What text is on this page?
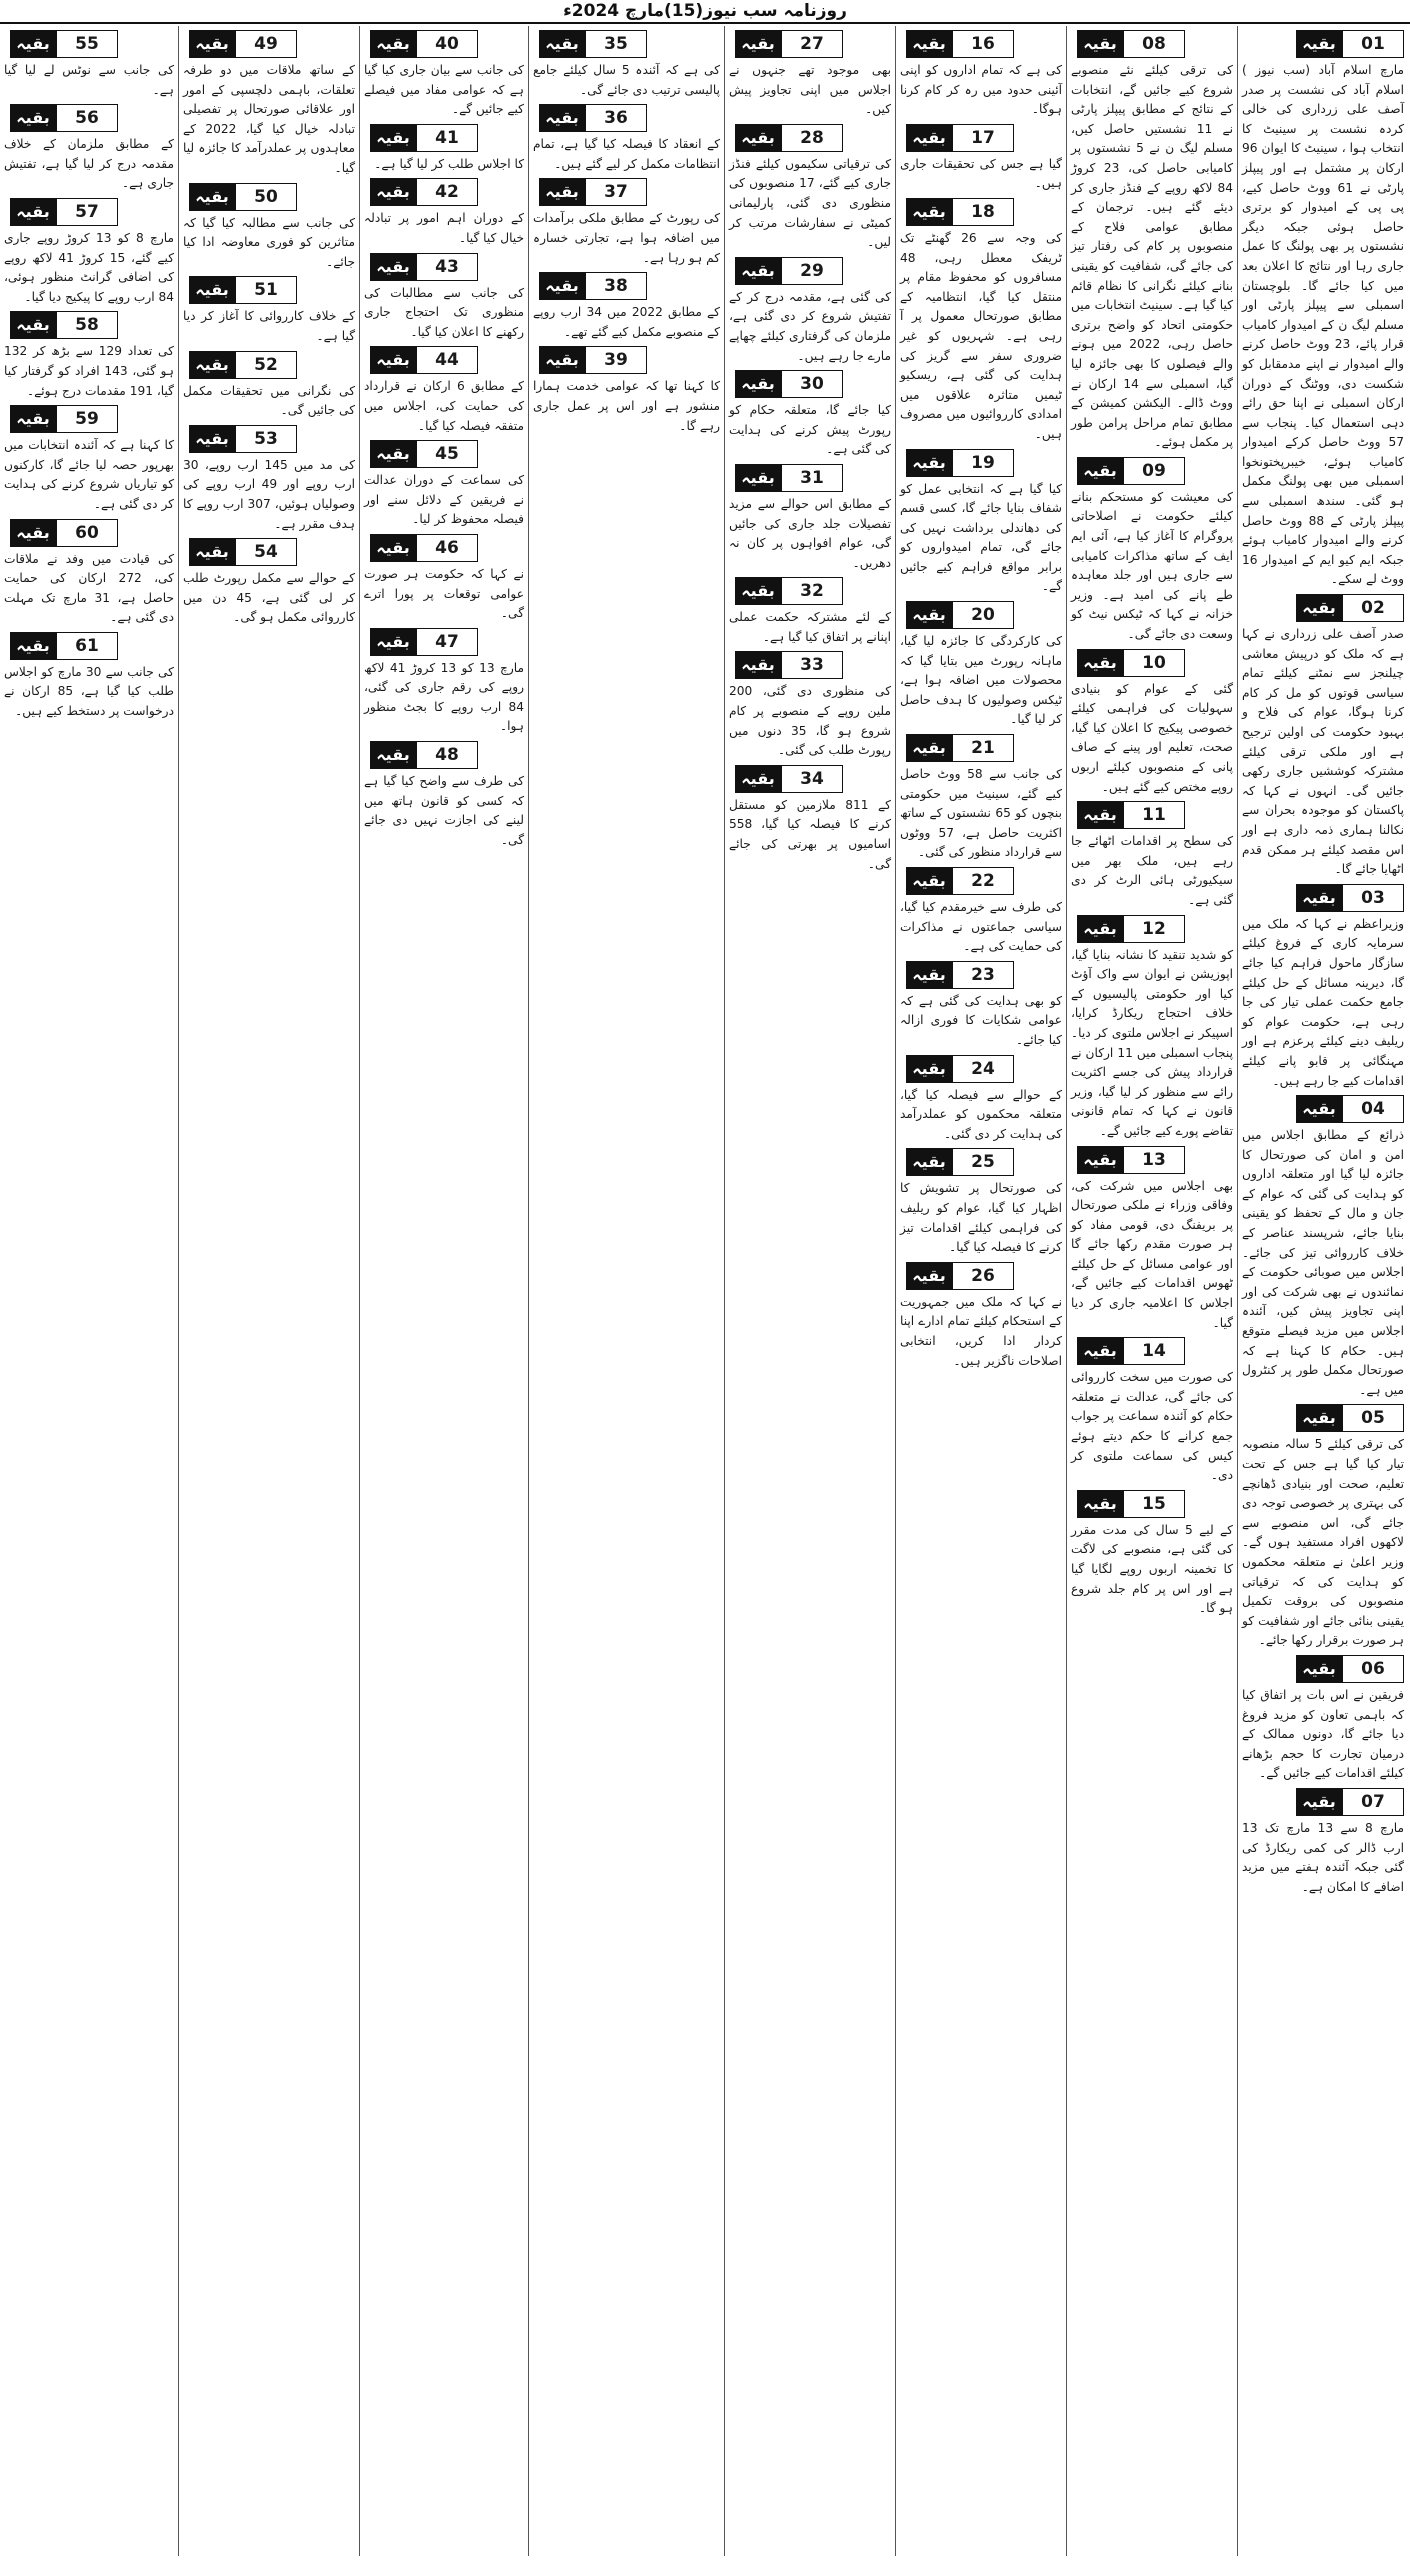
روزنامہ سب نیوز(15)مارچ 2024ء
بقیہ	01
مارچ اسلام آباد (سب نیوز ) اسلام آباد کی نشست پر صدر آصف علی زرداری کی خالی کردہ نشست پر سینیٹ کا انتخاب ہوا ، سینیٹ کا ایوان 96 ارکان پر مشتمل ہے اور پیپلز پارٹی نے 61 ووٹ حاصل کیے، پی پی کے امیدوار کو برتری حاصل ہوئی جبکہ دیگر نشستوں پر بھی پولنگ کا عمل جاری رہا اور نتائج کا اعلان بعد میں کیا جائے گا۔ بلوچستان اسمبلی سے پیپلز پارٹی اور مسلم لیگ ن کے امیدوار کامیاب قرار پائے، 23 ووٹ حاصل کرنے والے امیدوار نے اپنے مدمقابل کو شکست دی، ووٹنگ کے دوران ارکان اسمبلی نے اپنا حق رائے دہی استعمال کیا۔ پنجاب سے 57 ووٹ حاصل کرکے امیدوار کامیاب ہوئے، خیبرپختونخوا اسمبلی میں بھی پولنگ مکمل ہو گئی۔ سندھ اسمبلی سے پیپلز پارٹی کے 88 ووٹ حاصل کرنے والے امیدوار کامیاب ہوئے جبکہ ایم کیو ایم کے امیدوار 16 ووٹ لے سکے۔
بقیہ	02
صدر آصف علی زرداری نے کہا ہے کہ ملک کو درپیش معاشی چیلنجز سے نمٹنے کیلئے تمام سیاسی قوتوں کو مل کر کام کرنا ہوگا، عوام کی فلاح و بہبود حکومت کی اولین ترجیح ہے اور ملکی ترقی کیلئے مشترکہ کوششیں جاری رکھی جائیں گی۔ انہوں نے کہا کہ پاکستان کو موجودہ بحران سے نکالنا ہماری ذمہ داری ہے اور اس مقصد کیلئے ہر ممکن قدم اٹھایا جائے گا۔
بقیہ	03
وزیراعظم نے کہا کہ ملک میں سرمایہ کاری کے فروغ کیلئے سازگار ماحول فراہم کیا جائے گا، دیرینہ مسائل کے حل کیلئے جامع حکمت عملی تیار کی جا رہی ہے، حکومت عوام کو ریلیف دینے کیلئے پرعزم ہے اور مہنگائی پر قابو پانے کیلئے اقدامات کیے جا رہے ہیں۔
بقیہ	04
ذرائع کے مطابق اجلاس میں امن و امان کی صورتحال کا جائزہ لیا گیا اور متعلقہ اداروں کو ہدایت کی گئی کہ عوام کے جان و مال کے تحفظ کو یقینی بنایا جائے، شرپسند عناصر کے خلاف کارروائی تیز کی جائے۔ اجلاس میں صوبائی حکومت کے نمائندوں نے بھی شرکت کی اور اپنی تجاویز پیش کیں، آئندہ اجلاس میں مزید فیصلے متوقع ہیں۔ حکام کا کہنا ہے کہ صورتحال مکمل طور پر کنٹرول میں ہے۔
بقیہ	05
کی ترقی کیلئے 5 سالہ منصوبہ تیار کیا گیا ہے جس کے تحت تعلیم، صحت اور بنیادی ڈھانچے کی بہتری پر خصوصی توجہ دی جائے گی، اس منصوبے سے لاکھوں افراد مستفید ہوں گے۔ وزیر اعلیٰ نے متعلقہ محکموں کو ہدایت کی کہ ترقیاتی منصوبوں کی بروقت تکمیل یقینی بنائی جائے اور شفافیت کو ہر صورت برقرار رکھا جائے۔
بقیہ	06
فریقین نے اس بات پر اتفاق کیا کہ باہمی تعاون کو مزید فروغ دیا جائے گا، دونوں ممالک کے درمیان تجارت کا حجم بڑھانے کیلئے اقدامات کیے جائیں گے۔
بقیہ	07
مارچ 8 سے 13 مارچ تک 13 ارب ڈالر کی کمی ریکارڈ کی گئی جبکہ آئندہ ہفتے میں مزید اضافے کا امکان ہے۔
بقیہ	08
کی ترقی کیلئے نئے منصوبے شروع کیے جائیں گے، انتخابات کے نتائج کے مطابق پیپلز پارٹی نے 11 نشستیں حاصل کیں، مسلم لیگ ن نے 5 نشستوں پر کامیابی حاصل کی، 23 کروڑ 84 لاکھ روپے کے فنڈز جاری کر دیئے گئے ہیں۔ ترجمان کے مطابق عوامی فلاح کے منصوبوں پر کام کی رفتار تیز کی جائے گی، شفافیت کو یقینی بنانے کیلئے نگرانی کا نظام قائم کیا گیا ہے۔ سینیٹ انتخابات میں حکومتی اتحاد کو واضح برتری حاصل رہی، 2022 میں ہونے والے فیصلوں کا بھی جائزہ لیا گیا، اسمبلی سے 14 ارکان نے ووٹ ڈالے۔ الیکشن کمیشن کے مطابق تمام مراحل پرامن طور پر مکمل ہوئے۔
بقیہ	09
کی معیشت کو مستحکم بنانے کیلئے حکومت نے اصلاحاتی پروگرام کا آغاز کیا ہے، آئی ایم ایف کے ساتھ مذاکرات کامیابی سے جاری ہیں اور جلد معاہدہ طے پانے کی امید ہے۔ وزیر خزانہ نے کہا کہ ٹیکس نیٹ کو وسعت دی جائے گی۔
بقیہ	10
گئی کے عوام کو بنیادی سہولیات کی فراہمی کیلئے خصوصی پیکیج کا اعلان کیا گیا، صحت، تعلیم اور پینے کے صاف پانی کے منصوبوں کیلئے اربوں روپے مختص کیے گئے ہیں۔
بقیہ	11
کی سطح پر اقدامات اٹھائے جا رہے ہیں، ملک بھر میں سیکیورٹی ہائی الرٹ کر دی گئی ہے۔
بقیہ	12
کو شدید تنقید کا نشانہ بنایا گیا، اپوزیشن نے ایوان سے واک آؤٹ کیا اور حکومتی پالیسیوں کے خلاف احتجاج ریکارڈ کرایا، اسپیکر نے اجلاس ملتوی کر دیا۔ پنجاب اسمبلی میں 11 ارکان نے قرارداد پیش کی جسے اکثریت رائے سے منظور کر لیا گیا، وزیر قانون نے کہا کہ تمام قانونی تقاضے پورے کیے جائیں گے۔
بقیہ	13
بھی اجلاس میں شرکت کی، وفاقی وزراء نے ملکی صورتحال پر بریفنگ دی، قومی مفاد کو ہر صورت مقدم رکھا جائے گا اور عوامی مسائل کے حل کیلئے ٹھوس اقدامات کیے جائیں گے، اجلاس کا اعلامیہ جاری کر دیا گیا۔
بقیہ	14
کی صورت میں سخت کارروائی کی جائے گی، عدالت نے متعلقہ حکام کو آئندہ سماعت پر جواب جمع کرانے کا حکم دیتے ہوئے کیس کی سماعت ملتوی کر دی۔
بقیہ	15
کے لیے 5 سال کی مدت مقرر کی گئی ہے، منصوبے کی لاگت کا تخمینہ اربوں روپے لگایا گیا ہے اور اس پر کام جلد شروع ہو گا۔
بقیہ	16
کی ہے کہ تمام اداروں کو اپنی آئینی حدود میں رہ کر کام کرنا ہوگا۔
بقیہ	17
گیا ہے جس کی تحقیقات جاری ہیں۔
بقیہ	18
کی وجہ سے 26 گھنٹے تک ٹریفک معطل رہی، 48 مسافروں کو محفوظ مقام پر منتقل کیا گیا، انتظامیہ کے مطابق صورتحال معمول پر آ رہی ہے۔ شہریوں کو غیر ضروری سفر سے گریز کی ہدایت کی گئی ہے، ریسکیو ٹیمیں متاثرہ علاقوں میں امدادی کارروائیوں میں مصروف ہیں۔
بقیہ	19
کیا گیا ہے کہ انتخابی عمل کو شفاف بنایا جائے گا، کسی قسم کی دھاندلی برداشت نہیں کی جائے گی، تمام امیدواروں کو برابر مواقع فراہم کیے جائیں گے۔
بقیہ	20
کی کارکردگی کا جائزہ لیا گیا، ماہانہ رپورٹ میں بتایا گیا کہ محصولات میں اضافہ ہوا ہے، ٹیکس وصولیوں کا ہدف حاصل کر لیا گیا۔
بقیہ	21
کی جانب سے 58 ووٹ حاصل کیے گئے، سینیٹ میں حکومتی بنچوں کو 65 نشستوں کے ساتھ اکثریت حاصل ہے، 57 ووٹوں سے قرارداد منظور کی گئی۔
بقیہ	22
کی طرف سے خیرمقدم کیا گیا، سیاسی جماعتوں نے مذاکرات کی حمایت کی ہے۔
بقیہ	23
کو بھی ہدایت کی گئی ہے کہ عوامی شکایات کا فوری ازالہ کیا جائے۔
بقیہ	24
کے حوالے سے فیصلہ کیا گیا، متعلقہ محکموں کو عملدرآمد کی ہدایت کر دی گئی۔
بقیہ	25
کی صورتحال پر تشویش کا اظہار کیا گیا، عوام کو ریلیف کی فراہمی کیلئے اقدامات تیز کرنے کا فیصلہ کیا گیا۔
بقیہ	26
نے کہا کہ ملک میں جمہوریت کے استحکام کیلئے تمام ادارے اپنا کردار ادا کریں، انتخابی اصلاحات ناگزیر ہیں۔
بقیہ	27
بھی موجود تھے جنہوں نے اجلاس میں اپنی تجاویز پیش کیں۔
بقیہ	28
کی ترقیاتی سکیموں کیلئے فنڈز جاری کیے گئے، 17 منصوبوں کی منظوری دی گئی، پارلیمانی کمیٹی نے سفارشات مرتب کر لیں۔
بقیہ	29
کی گئی ہے، مقدمہ درج کر کے تفتیش شروع کر دی گئی ہے، ملزمان کی گرفتاری کیلئے چھاپے مارے جا رہے ہیں۔
بقیہ	30
کیا جائے گا، متعلقہ حکام کو رپورٹ پیش کرنے کی ہدایت کی گئی ہے۔
بقیہ	31
کے مطابق اس حوالے سے مزید تفصیلات جلد جاری کی جائیں گی، عوام افواہوں پر کان نہ دھریں۔
بقیہ	32
کے لئے مشترکہ حکمت عملی اپنانے پر اتفاق کیا گیا ہے۔
بقیہ	33
کی منظوری دی گئی، 200 ملین روپے کے منصوبے پر کام شروع ہو گا، 35 دنوں میں رپورٹ طلب کی گئی۔
بقیہ	34
کے 811 ملازمین کو مستقل کرنے کا فیصلہ کیا گیا، 558 اسامیوں پر بھرتی کی جائے گی۔
بقیہ	35
کی ہے کہ آئندہ 5 سال کیلئے جامع پالیسی ترتیب دی جائے گی۔
بقیہ	36
کے انعقاد کا فیصلہ کیا گیا ہے، تمام انتظامات مکمل کر لیے گئے ہیں۔
بقیہ	37
کی رپورٹ کے مطابق ملکی برآمدات میں اضافہ ہوا ہے، تجارتی خسارہ کم ہو رہا ہے۔
بقیہ	38
کے مطابق 2022 میں 34 ارب روپے کے منصوبے مکمل کیے گئے تھے۔
بقیہ	39
کا کہنا تھا کہ عوامی خدمت ہمارا منشور ہے اور اس پر عمل جاری رہے گا۔
بقیہ	40
کی جانب سے بیان جاری کیا گیا ہے کہ عوامی مفاد میں فیصلے کیے جائیں گے۔
بقیہ	41
کا اجلاس طلب کر لیا گیا ہے۔
بقیہ	42
کے دوران اہم امور پر تبادلہ خیال کیا گیا۔
بقیہ	43
کی جانب سے مطالبات کی منظوری تک احتجاج جاری رکھنے کا اعلان کیا گیا۔
بقیہ	44
کے مطابق 6 ارکان نے قرارداد کی حمایت کی، اجلاس میں متفقہ فیصلہ کیا گیا۔
بقیہ	45
کی سماعت کے دوران عدالت نے فریقین کے دلائل سنے اور فیصلہ محفوظ کر لیا۔
بقیہ	46
نے کہا کہ حکومت ہر صورت عوامی توقعات پر پورا اترے گی۔
بقیہ	47
مارچ 13 کو 13 کروڑ 41 لاکھ روپے کی رقم جاری کی گئی، 84 ارب روپے کا بجٹ منظور ہوا۔
بقیہ	48
کی طرف سے واضح کیا گیا ہے کہ کسی کو قانون ہاتھ میں لینے کی اجازت نہیں دی جائے گی۔
بقیہ	49
کے ساتھ ملاقات میں دو طرفہ تعلقات، باہمی دلچسپی کے امور اور علاقائی صورتحال پر تفصیلی تبادلہ خیال کیا گیا، 2022 کے معاہدوں پر عملدرآمد کا جائزہ لیا گیا۔
بقیہ	50
کی جانب سے مطالبہ کیا گیا کہ متاثرین کو فوری معاوضہ ادا کیا جائے۔
بقیہ	51
کے خلاف کارروائی کا آغاز کر دیا گیا ہے۔
بقیہ	52
کی نگرانی میں تحقیقات مکمل کی جائیں گی۔
بقیہ	53
کی مد میں 145 ارب روپے، 30 ارب روپے اور 49 ارب روپے کی وصولیاں ہوئیں، 307 ارب روپے کا ہدف مقرر ہے۔
بقیہ	54
کے حوالے سے مکمل رپورٹ طلب کر لی گئی ہے، 45 دن میں کارروائی مکمل ہو گی۔
بقیہ	55
کی جانب سے نوٹس لے لیا گیا ہے۔
بقیہ	56
کے مطابق ملزمان کے خلاف مقدمہ درج کر لیا گیا ہے، تفتیش جاری ہے۔
بقیہ	57
مارچ 8 کو 13 کروڑ روپے جاری کیے گئے، 15 کروڑ 41 لاکھ روپے کی اضافی گرانٹ منظور ہوئی، 84 ارب روپے کا پیکیج دیا گیا۔
بقیہ	58
کی تعداد 129 سے بڑھ کر 132 ہو گئی، 143 افراد کو گرفتار کیا گیا، 191 مقدمات درج ہوئے۔
بقیہ	59
کا کہنا ہے کہ آئندہ انتخابات میں بھرپور حصہ لیا جائے گا، کارکنوں کو تیاریاں شروع کرنے کی ہدایت کر دی گئی ہے۔
بقیہ	60
کی قیادت میں وفد نے ملاقات کی، 272 ارکان کی حمایت حاصل ہے، 31 مارچ تک مہلت دی گئی ہے۔
بقیہ	61
کی جانب سے 30 مارچ کو اجلاس طلب کیا گیا ہے، 85 ارکان نے درخواست پر دستخط کیے ہیں۔
